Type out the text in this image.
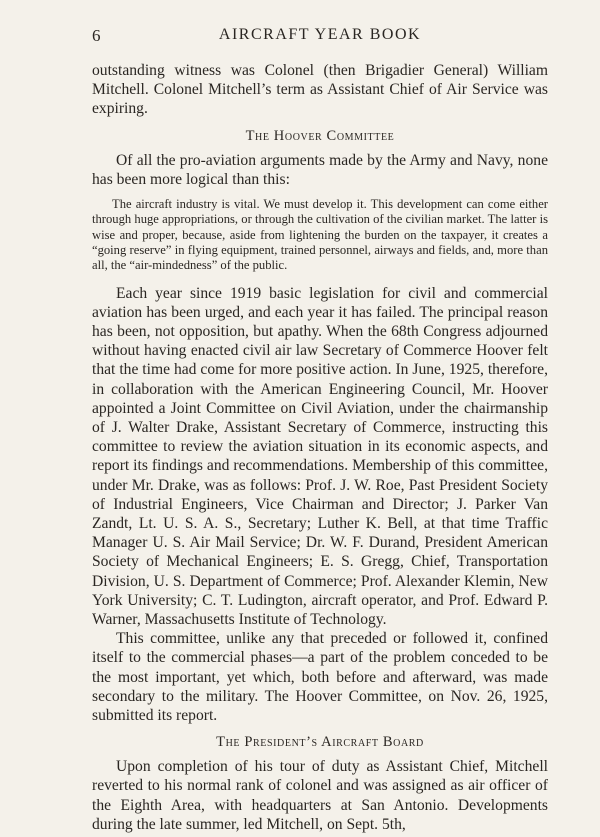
6	AIRCRAFT YEAR BOOK

outstanding witness was Colonel (then Brigadier General) William Mitchell. Colonel Mitchell’s term as Assistant Chief of Air Service was expiring.

The Hoover Committee

Of all the pro-aviation arguments made by the Army and Navy, none has been more logical than this:

The aircraft industry is vital. We must develop it. This development can come either through huge appropriations, or through the cultivation of the civilian market. The latter is wise and proper, because, aside from lightening the burden on the taxpayer, it creates a “going reserve” in flying equipment, trained personnel, airways and fields, and, more than all, the “air-mindedness” of the public.

Each year since 1919 basic legislation for civil and commercial aviation has been urged, and each year it has failed. The principal reason has been, not opposition, but apathy. When the 68th Congress adjourned without having enacted civil air law Secretary of Commerce Hoover felt that the time had come for more positive action. In June, 1925, therefore, in collaboration with the American Engineering Council, Mr. Hoover appointed a Joint Committee on Civil Aviation, under the chairmanship of J. Walter Drake, Assistant Secretary of Commerce, instructing this committee to review the aviation situation in its economic aspects, and report its findings and recommendations. Membership of this committee, under Mr. Drake, was as follows: Prof. J. W. Roe, Past President Society of Industrial Engineers, Vice Chairman and Director; J. Parker Van Zandt, Lt. U. S. A. S., Secretary; Luther K. Bell, at that time Traffic Manager U. S. Air Mail Service; Dr. W. F. Durand, President American Society of Mechanical Engineers; E. S. Gregg, Chief, Transportation Division, U. S. Department of Commerce; Prof. Alexander Klemin, New York University; C. T. Ludington, aircraft operator, and Prof. Edward P. Warner, Massachusetts Institute of Technology.

This committee, unlike any that preceded or followed it, confined itself to the commercial phases—a part of the problem conceded to be the most important, yet which, both before and afterward, was made secondary to the military. The Hoover Committee, on Nov. 26, 1925, submitted its report.

The President’s Aircraft Board

Upon completion of his tour of duty as Assistant Chief, Mitchell reverted to his normal rank of colonel and was assigned as air officer of the Eighth Area, with headquarters at San Antonio. Developments during the late summer, led Mitchell, on Sept. 5th,
